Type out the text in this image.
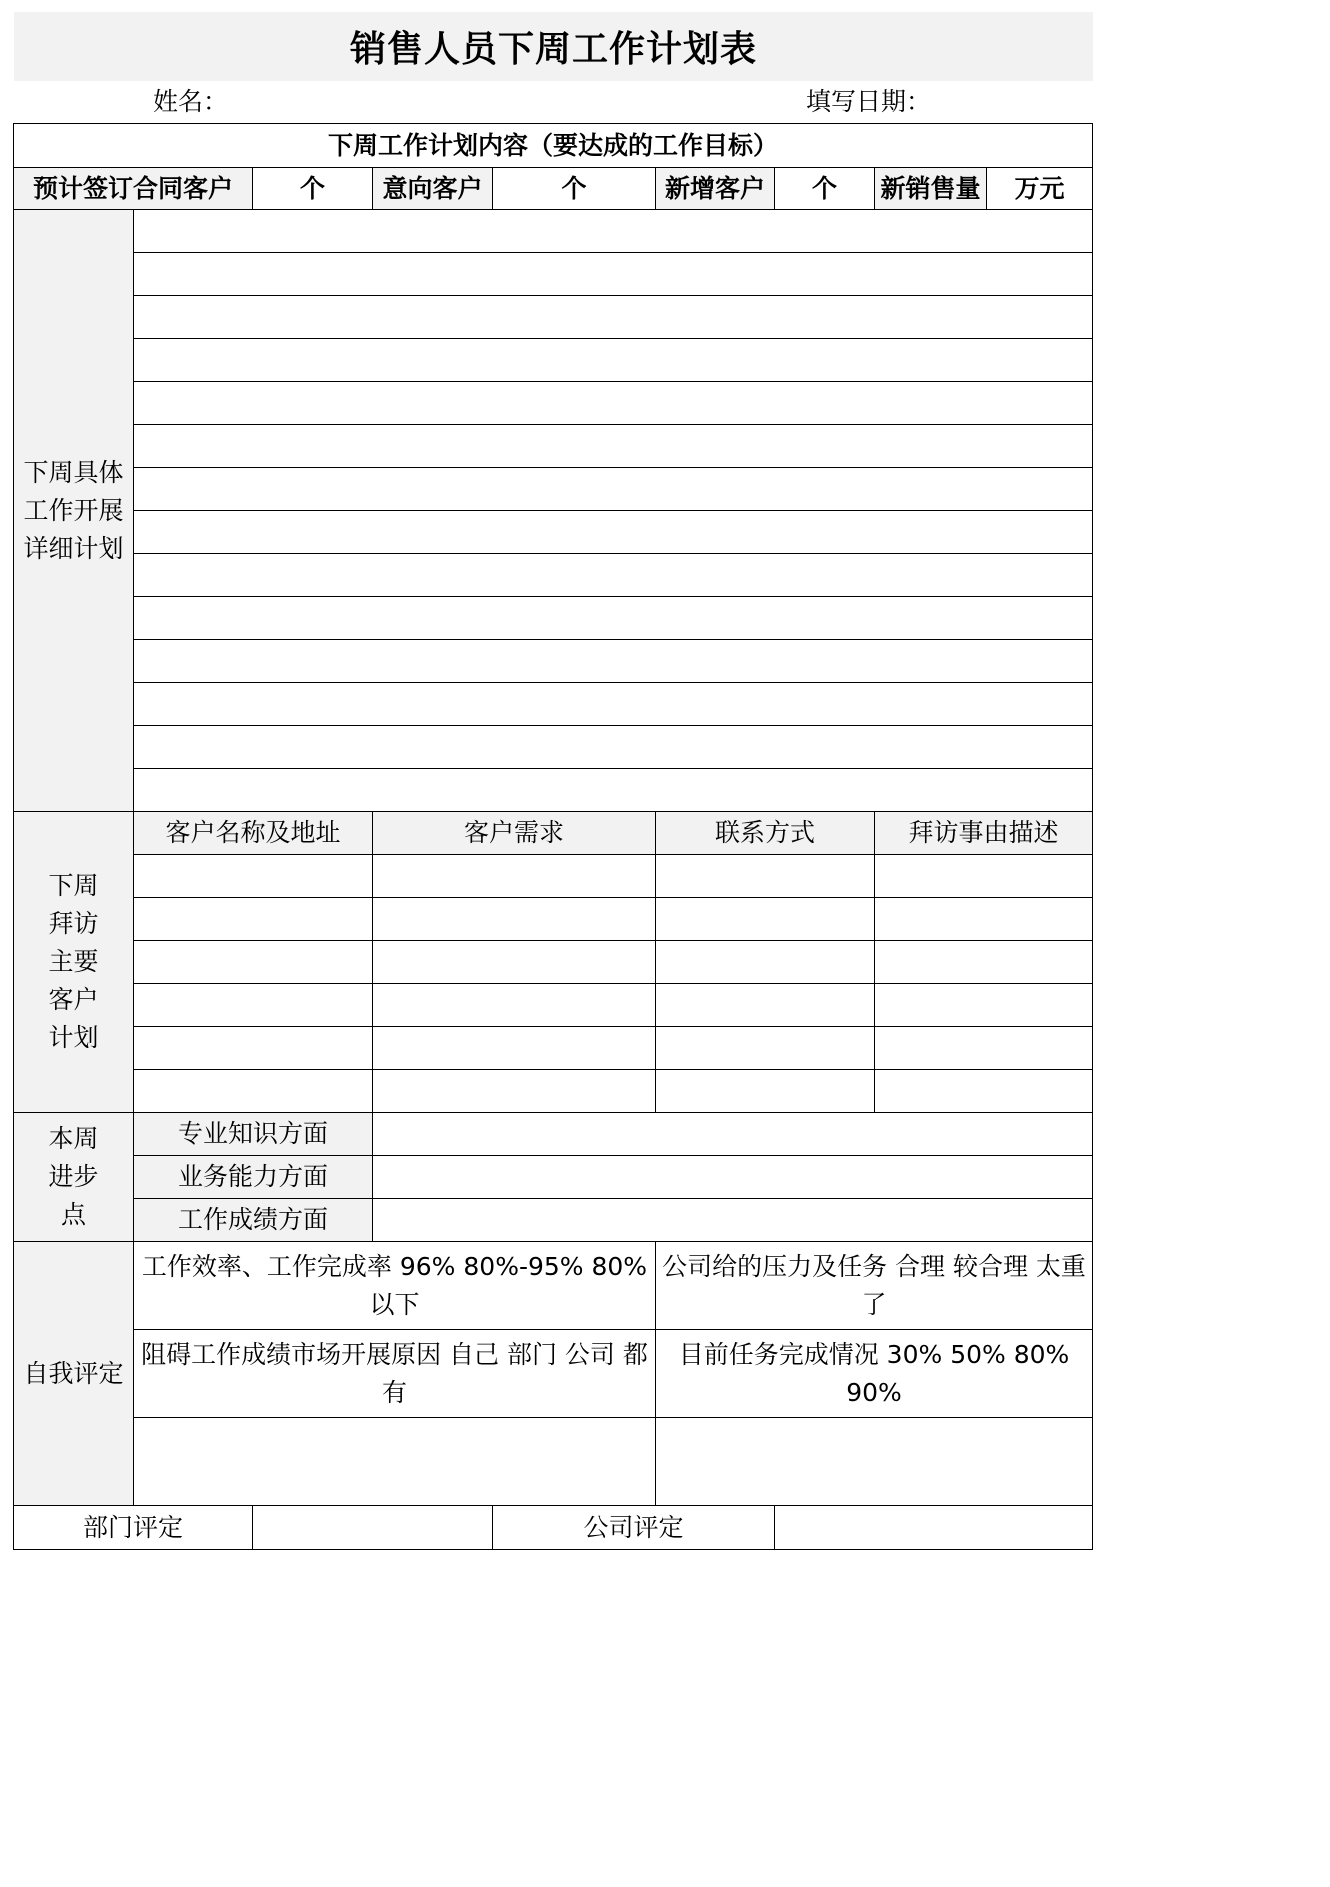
销售人员下周工作计划表
姓名：	填写日期：
下周工作计划内容（要达成的工作目标）								
预计签订合同客户		个	意向客户	个	新增客户	个	新销售量	万元

下周具体工作开展详细计划								

下周拜访主要客户计划	客户名称及地址		客户需求		联系方式		拜访事由描述	

本周进步点	专业知识方面							
	业务能力方面							
	工作成绩方面							
自我评定	工作效率、工作完成率 96% 80%-95% 80%以下				公司给的压力及任务 合理 较合理 太重了			
	阻碍工作成绩市场开展原因 自己 部门 公司 都有				目前任务完成情况 30% 50% 80% 90%			

部门评定				公司评定				
